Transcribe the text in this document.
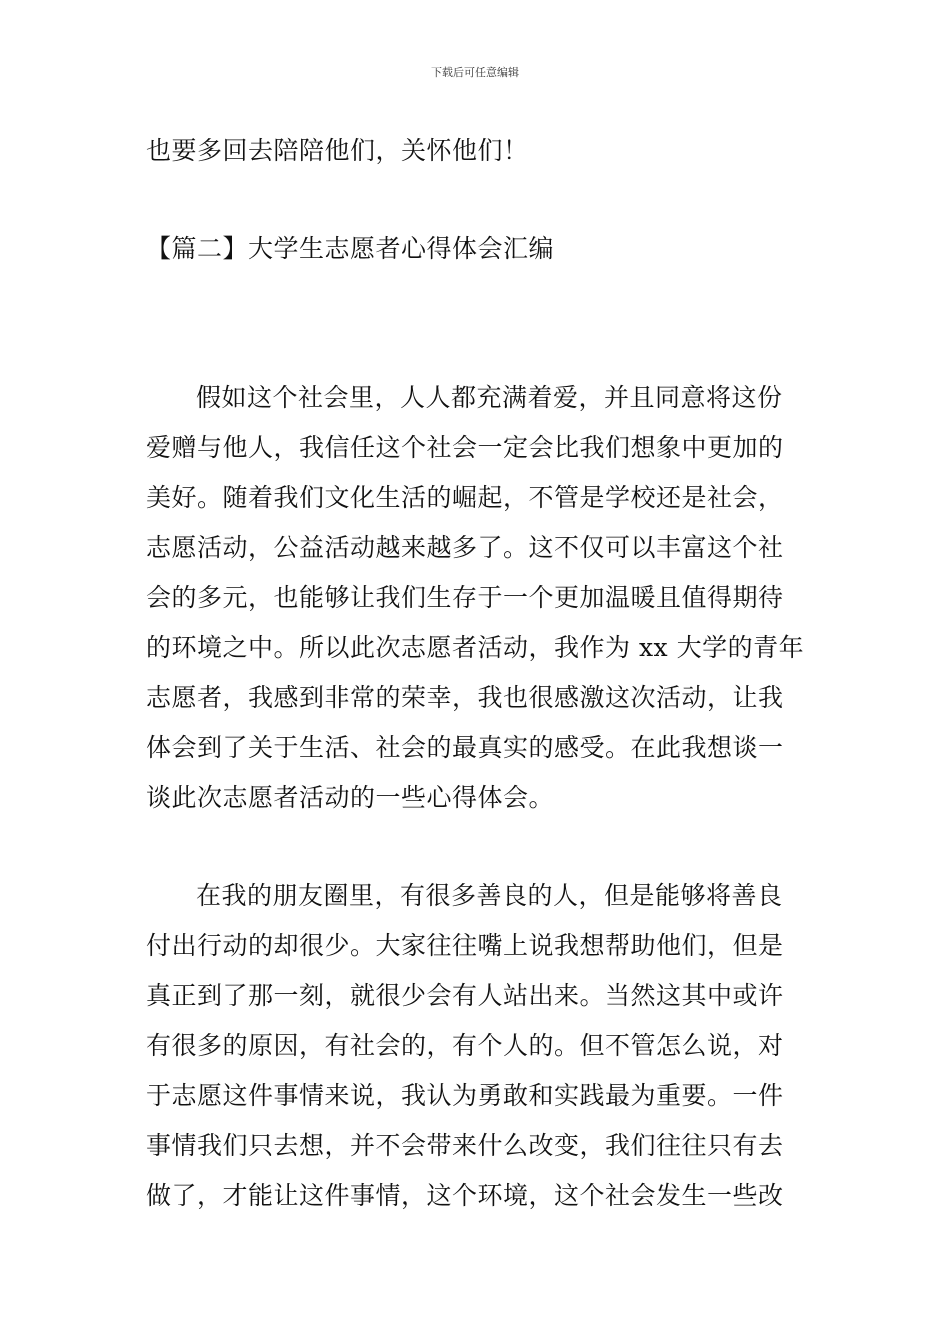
下载后可任意编辑
也要多回去陪陪他们，关怀他们！
【篇二】大学生志愿者心得体会汇编
假如这个社会里，人人都充满着爱，并且同意将这份
爱赠与他人，我信任这个社会一定会比我们想象中更加的
美好。随着我们文化生活的崛起，不管是学校还是社会，
志愿活动，公益活动越来越多了。这不仅可以丰富这个社
会的多元，也能够让我们生存于一个更加温暖且值得期待
的环境之中。所以此次志愿者活动，我作为 xx 大学的青年
志愿者，我感到非常的荣幸，我也很感激这次活动，让我
体会到了关于生活、社会的最真实的感受。在此我想谈一
谈此次志愿者活动的一些心得体会。
在我的朋友圈里，有很多善良的人，但是能够将善良
付出行动的却很少。大家往往嘴上说我想帮助他们，但是
真正到了那一刻，就很少会有人站出来。当然这其中或许
有很多的原因，有社会的，有个人的。但不管怎么说，对
于志愿这件事情来说，我认为勇敢和实践最为重要。一件
事情我们只去想，并不会带来什么改变，我们往往只有去
做了，才能让这件事情，这个环境，这个社会发生一些改
